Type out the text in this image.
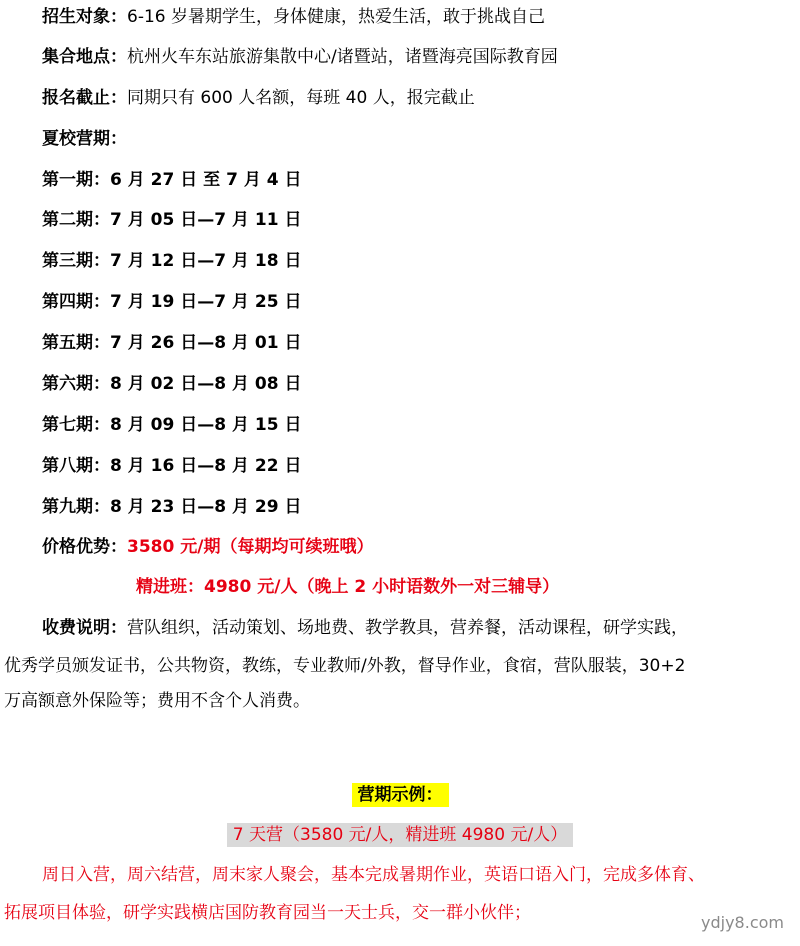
招生对象：6-16 岁暑期学生，身体健康，热爱生活，敢于挑战自己
集合地点：杭州火车东站旅游集散中心/诸暨站，诸暨海亮国际教育园
报名截止：同期只有 600 人名额，每班 40 人，报完截止
夏校营期：
第一期：6 月 27 日 至 7 月 4 日
第二期：7 月 05 日—7 月 11 日
第三期：7 月 12 日—7 月 18 日
第四期：7 月 19 日—7 月 25 日
第五期：7 月 26 日—8 月 01 日
第六期：8 月 02 日—8 月 08 日
第七期：8 月 09 日—8 月 15 日
第八期：8 月 16 日—8 月 22 日
第九期：8 月 23 日—8 月 29 日
价格优势：3580 元/期（每期均可续班哦）
精进班：4980 元/人（晚上 2 小时语数外一对三辅导）
收费说明：营队组织，活动策划、场地费、教学教具，营养餐，活动课程，研学实践，
优秀学员颁发证书，公共物资，教练，专业教师/外教，督导作业，食宿，营队服装，30+2
万高额意外保险等；费用不含个人消费。
营期示例：
7 天营（3580 元/人，精进班 4980 元/人）
周日入营，周六结营，周末家人聚会，基本完成暑期作业，英语口语入门，完成多体育、
拓展项目体验，研学实践横店国防教育园当一天士兵，交一群小伙伴；	ydjy8.com
